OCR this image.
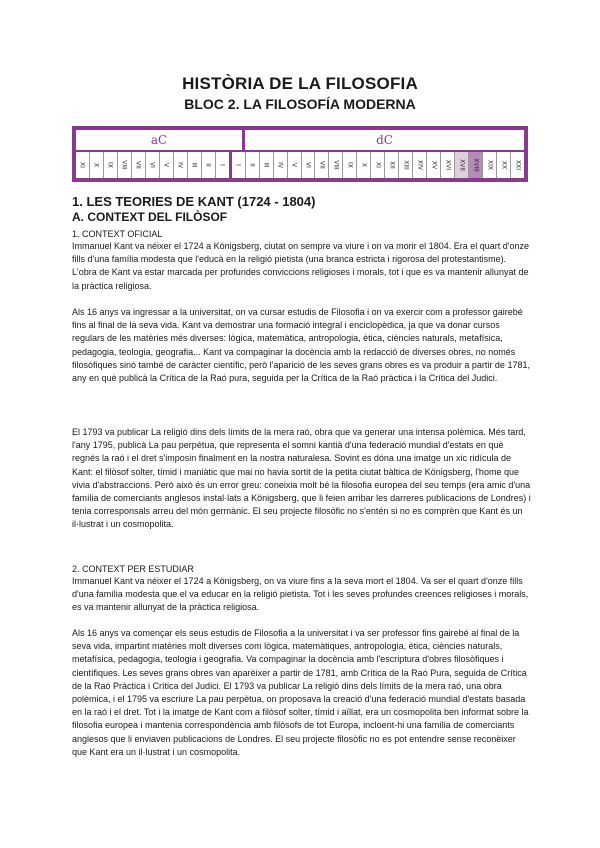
HISTÒRIA DE LA FILOSOFIA
BLOC 2. LA FILOSOFÍA MODERNA
aC	dC
XI X IX VIII VII VI V IV III II I I II III IV V VI VII VIII IX X XI XII XIII XIV XV XVI XVII XVIII XIX XX XXI
1. LES TEORIES DE KANT (1724 - 1804)
A. CONTEXT DEL FILÒSOF
1. CONTEXT OFICIAL

Immanuel Kant va néixer el 1724 a Königsberg, ciutat on sempre va viure i on va morir el 1804. Era el quart d'onze fills d'una família modesta que l'educà en la religió pietista (una branca estricta i rigorosa del protestantisme). L'obra de Kant va estar marcada per profundes conviccions religioses i morals, tot i que es va mantenir allunyat de la pràctica religiosa.

Als 16 anys va ingressar a la universitat, on va cursar estudis de Filosofia i on va exercir com a professor gairebé fins al final de la seva vida. Kant va demostrar una formació integral i enciclopèdica, ja que va donar cursos regulars de les matèries més diverses: lògica, matemàtica, antropologia, ètica, ciències naturals, metafísica, pedagogia, teologia, geografia... Kant va compaginar la docència amb la redacció de diverses obres, no només filosòfiques sinó també de caràcter científic, però l'aparició de les seves grans obres es va produir a partir de 1781, any en què publicà la Crítica de la Raó pura, seguida per la Crítica de la Raó pràctica i la Crítica del Judici.

El 1793 va publicar La religió dins dels límits de la mera raó, obra que va generar una intensa polèmica. Més tard, l'any 1795, publicà La pau perpètua, que representa el somni kantià d'una federació mundial d'estats en què regnés la raó i el dret s'imposin finalment en la nostra naturalesa. Sovint es dóna una imatge un xic ridícula de Kant: el filòsof solter, tímid i maniàtic que mai no havia sortit de la petita ciutat bàltica de Königsberg, l'home que vivia d'abstraccions. Però això és un error greu: coneixia molt bé la filosofia europea del seu temps (era amic d'una família de comerciants anglesos instal·lats a Königsberg, que li feien arribar les darreres publicacions de Londres) i tenia corresponsals arreu del món germànic. El seu projecte filosòfic no s'entén si no es comprèn que Kant és un il·lustrat i un cosmopolita.

2. CONTEXT PER ESTUDIAR

Immanuel Kant va néixer el 1724 a Königsberg, on va viure fins a la seva mort el 1804. Va ser el quart d'onze fills d'una família modesta que el va educar en la religió pietista. Tot i les seves profundes creences religioses i morals, es va mantenir allunyat de la pràctica religiosa.

Als 16 anys va començar els seus estudis de Filosofia a la universitat i va ser professor fins gairebé al final de la seva vida, impartint matèries molt diverses com lògica, matemàtiques, antropologia, ètica, ciències naturals, metafísica, pedagogia, teologia i geografia. Va compaginar la docència amb l'escriptura d'obres filosòfiques i científiques. Les seves grans obres van aparèixer a partir de 1781, amb Crítica de la Raó Pura, seguida de Crítica de la Raó Pràctica i Crítica del Judici. El 1793 va publicar La religió dins dels límits de la mera raó, una obra polèmica, i el 1795 va escriure La pau perpètua, on proposava la creació d'una federació mundial d'estats basada en la raó i el dret. Tot i la imatge de Kant com a filòsof solter, tímid i aïllat, era un cosmopolita ben informat sobre la filosofia europea i mantenia correspondència amb filòsofs de tot Europa, incloent-hi una família de comerciants anglesos que li enviaven publicacions de Londres. El seu projecte filosòfic no es pot entendre sense reconèixer que Kant era un il·lustrat i un cosmopolita.
